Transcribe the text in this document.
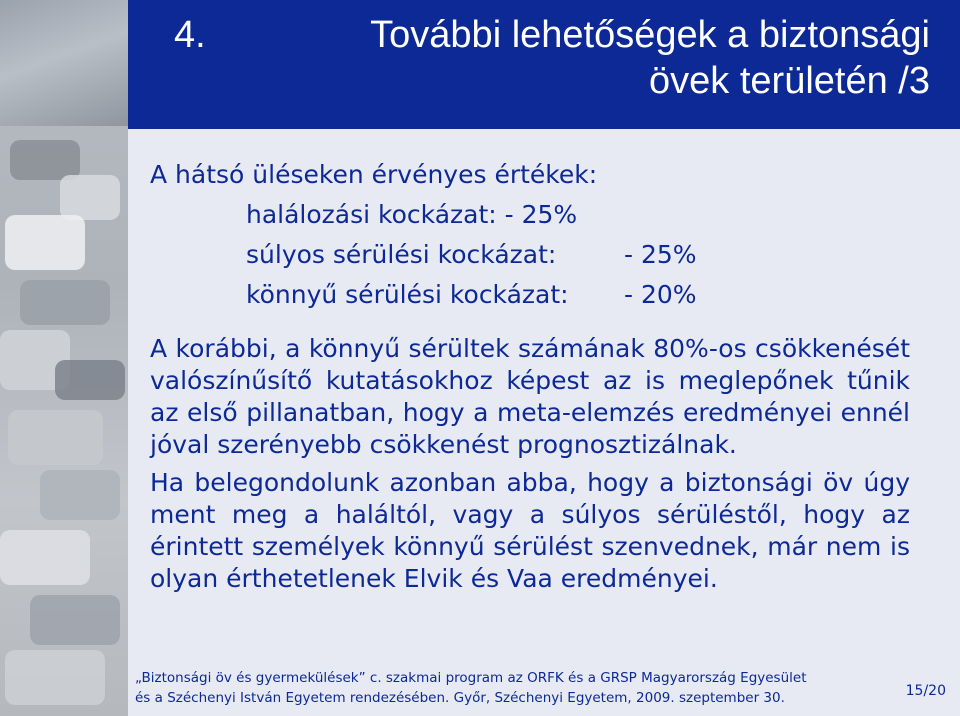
4.	További lehetőségek a biztonsági
övek területén /3
A hátsó üléseken érvényes értékek:
halálozási kockázat: - 25%
súlyos sérülési kockázat:	- 25%
könnyű sérülési kockázat: - 20%
A korábbi, a könnyű sérültek számának 80%-os csökkenését valószínűsítő kutatásokhoz képest az is meglepőnek tűnik az első pillanatban, hogy a meta-elemzés eredményei ennél jóval szerényebb csökkenést prognosztizálnak.
Ha belegondolunk azonban abba, hogy a biztonsági öv úgy ment meg a haláltól, vagy a súlyos sérüléstől, hogy az érintett személyek könnyű sérülést szenvednek, már nem is olyan érthetetlenek Elvik és Vaa eredményei.
„Biztonsági öv és gyermekülések” c. szakmai program az ORFK és a GRSP Magyarország Egyesület
és a Széchenyi István Egyetem rendezésében. Győr, Széchenyi Egyetem, 2009. szeptember 30.	15/20
